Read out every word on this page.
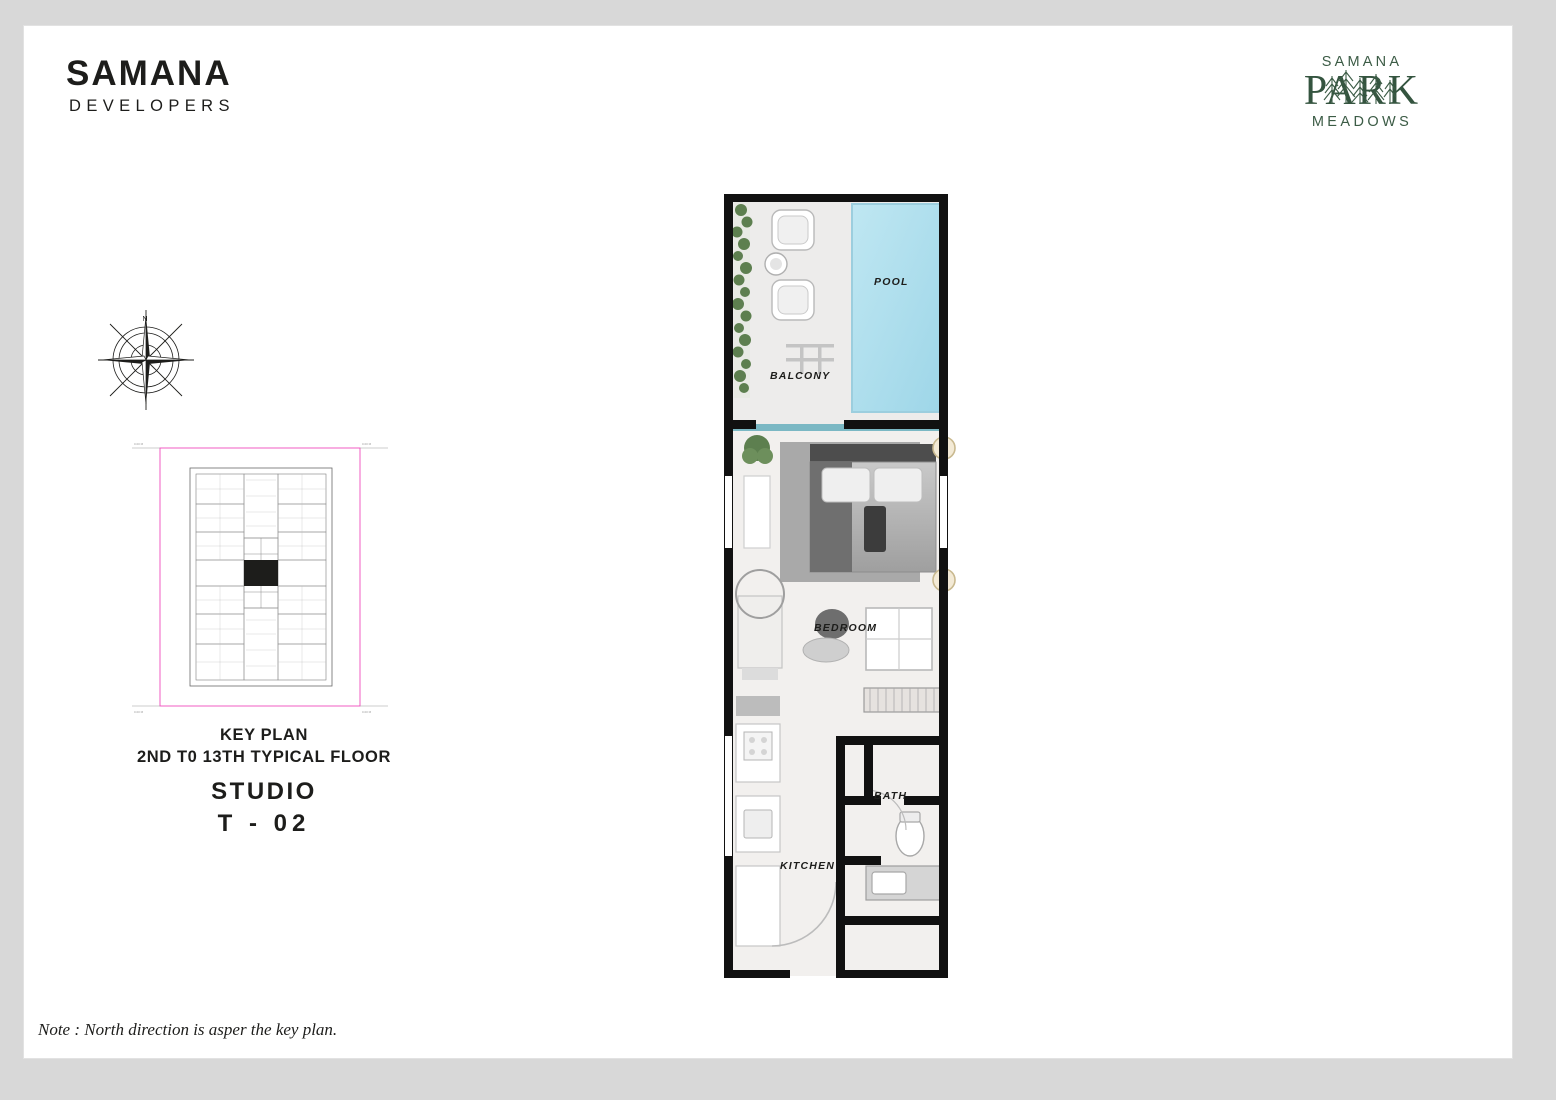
SAMANA
DEVELOPERS
SAMANA
PARK
MEADOWS
N
0.00 M	0.00 M
0.00 M	0.00 M
KEY PLAN
2ND T0 13TH TYPICAL FLOOR
STUDIO
T - 02
POOL
BALCONY
BEDROOM
BATH
KITCHEN
Note : North direction is asper the key plan.
